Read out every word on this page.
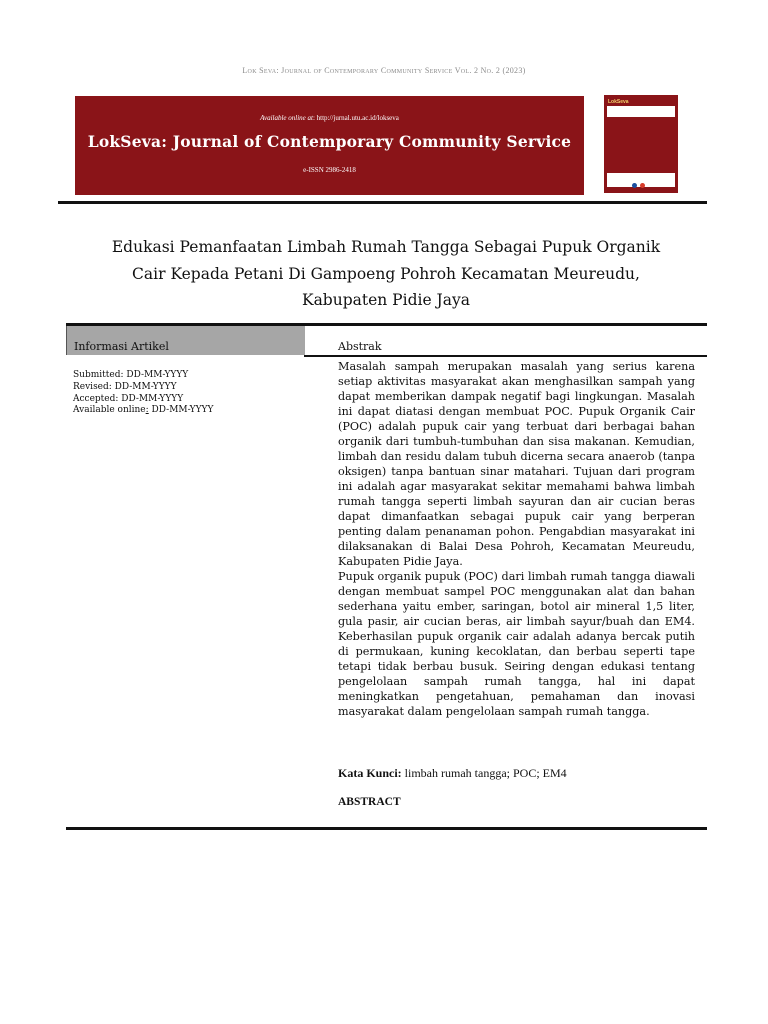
Lok Seva: Journal of Contemporary Community Service Vol. 2 No. 2 (2023)
Available online at: http://jurnal.utu.ac.id/lokseva
LokSeva: Journal of Contemporary Community Service
e-ISSN 2986-2418
LokSeva
Edukasi Pemanfaatan Limbah Rumah Tangga Sebagai Pupuk Organik
Cair Kepada Petani Di Gampoeng Pohroh Kecamatan Meureudu,
Kabupaten Pidie Jaya
Informasi Artikel	Abstrak
Submitted: DD-MM-YYYY
Revised: DD-MM-YYYY
Accepted: DD-MM-YYYY
Available online: DD-MM-YYYY

Masalah sampah merupakan masalah yang serius karena setiap aktivitas masyarakat akan menghasilkan sampah yang dapat memberikan dampak negatif bagi lingkungan. Masalah ini dapat diatasi dengan membuat POC. Pupuk Organik Cair (POC) adalah pupuk cair yang terbuat dari berbagai bahan organik dari tumbuh-tumbuhan dan sisa makanan. Kemudian, limbah dan residu dalam tubuh dicerna secara anaerob (tanpa oksigen) tanpa bantuan sinar matahari. Tujuan dari program ini adalah agar masyarakat sekitar memahami bahwa limbah rumah tangga seperti limbah sayuran dan air cucian beras dapat dimanfaatkan sebagai pupuk cair yang berperan penting dalam penanaman pohon. Pengabdian masyarakat ini dilaksanakan di Balai Desa Pohroh, Kecamatan Meureudu, Kabupaten Pidie Jaya.

Pupuk organik pupuk (POC) dari limbah rumah tangga diawali dengan membuat sampel POC menggunakan alat dan bahan sederhana yaitu ember, saringan, botol air mineral 1,5 liter, gula pasir, air cucian beras, air limbah sayur/buah dan EM4. Keberhasilan pupuk organik cair adalah adanya bercak putih di permukaan, kuning kecoklatan, dan berbau seperti tape tetapi tidak berbau busuk. Seiring dengan edukasi tentang pengelolaan sampah rumah tangga, hal ini dapat meningkatkan pengetahuan, pemahaman dan inovasi masyarakat dalam pengelolaan sampah rumah tangga.

Kata Kunci: limbah rumah tangga; POC; EM4
ABSTRACT
